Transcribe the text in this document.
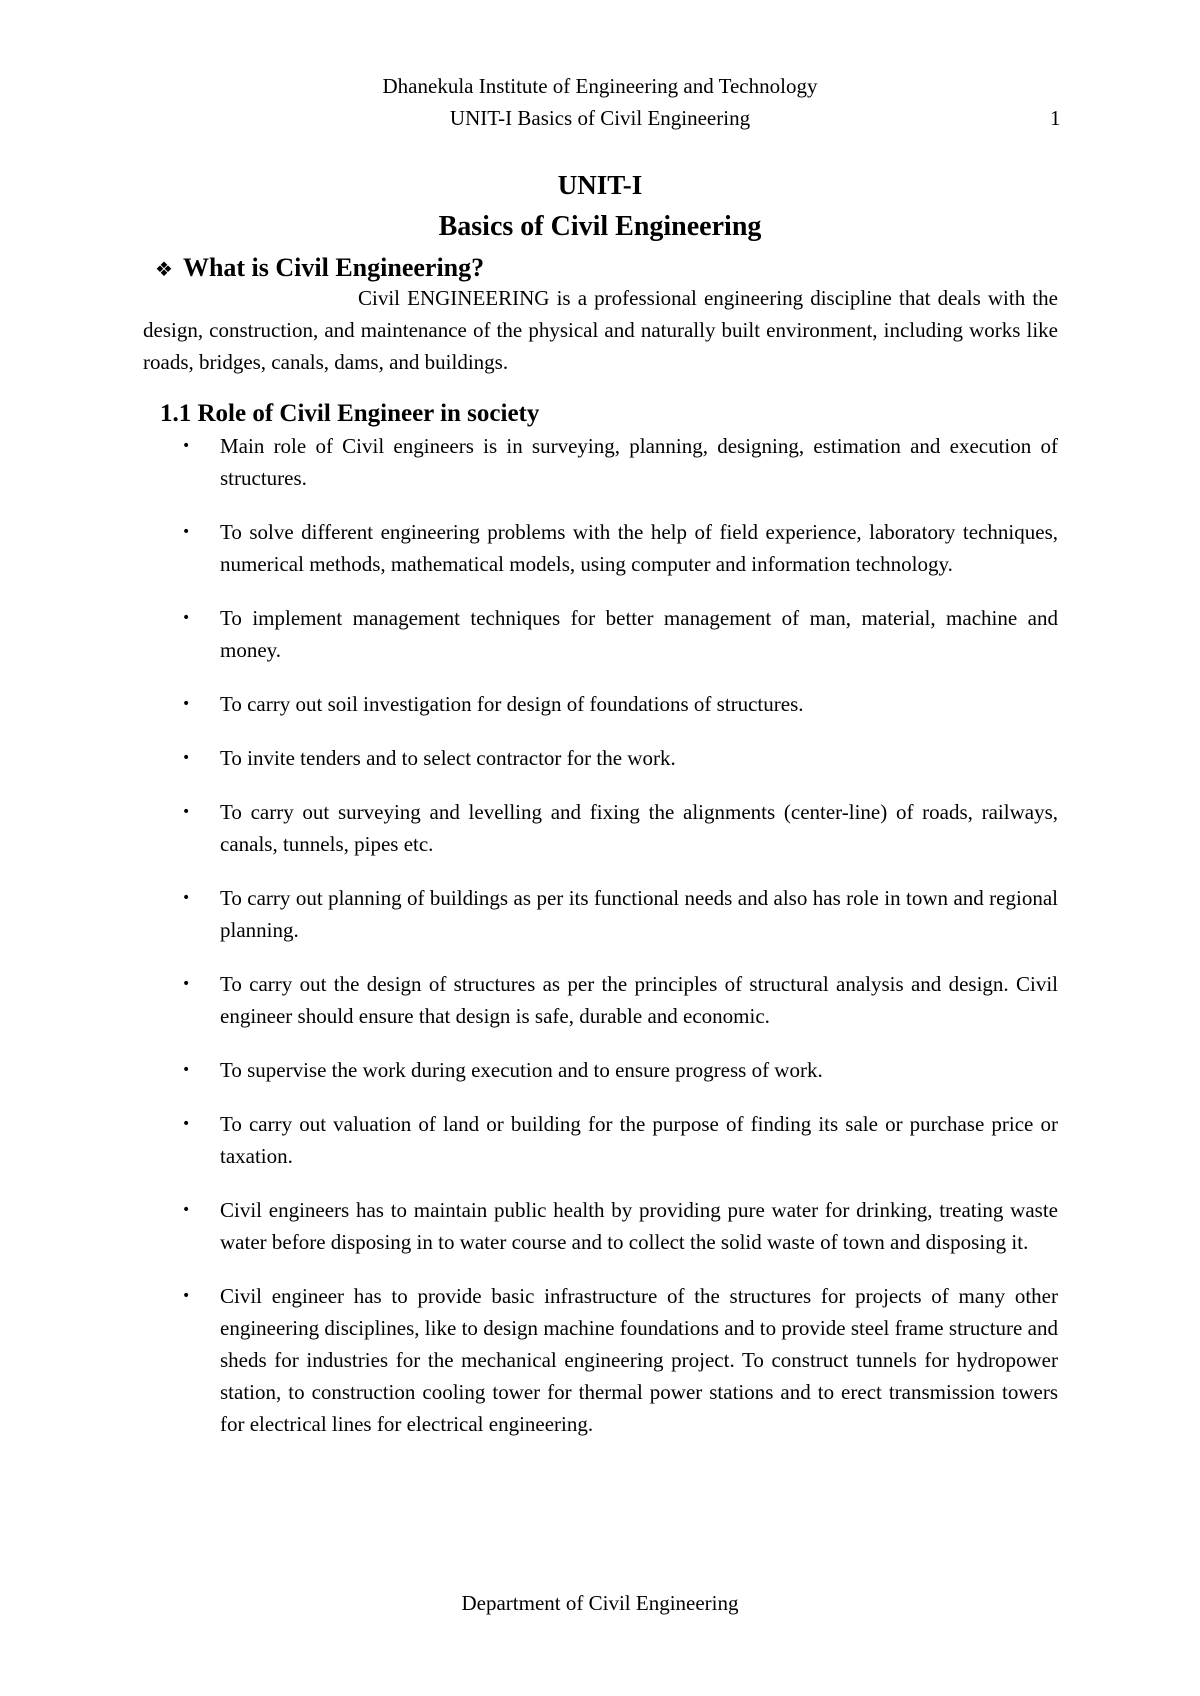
Dhanekula Institute of Engineering and Technology
UNIT-I Basics of Civil Engineering	1
UNIT-I
Basics of Civil Engineering
❖ What is Civil Engineering?

Civil ENGINEERING is a professional engineering discipline that deals with the design, construction, and maintenance of the physical and naturally built environment, including works like roads, bridges, canals, dams, and buildings.

1.1 Role of Civil Engineer in society
• Main role of Civil engineers is in surveying, planning, designing, estimation and execution of structures.
• To solve different engineering problems with the help of field experience, laboratory techniques, numerical methods, mathematical models, using computer and information technology.
• To implement management techniques for better management of man, material, machine and money.
• To carry out soil investigation for design of foundations of structures.
• To invite tenders and to select contractor for the work.
• To carry out surveying and levelling and fixing the alignments (center-line) of roads, railways, canals, tunnels, pipes etc.
• To carry out planning of buildings as per its functional needs and also has role in town and regional planning.
• To carry out the design of structures as per the principles of structural analysis and design. Civil engineer should ensure that design is safe, durable and economic.
• To supervise the work during execution and to ensure progress of work.
• To carry out valuation of land or building for the purpose of finding its sale or purchase price or taxation.
• Civil engineers has to maintain public health by providing pure water for drinking, treating waste water before disposing in to water course and to collect the solid waste of town and disposing it.
• Civil engineer has to provide basic infrastructure of the structures for projects of many other engineering disciplines, like to design machine foundations and to provide steel frame structure and sheds for industries for the mechanical engineering project. To construct tunnels for hydropower station, to construction cooling tower for thermal power stations and to erect transmission towers for electrical lines for electrical engineering.
Department of Civil Engineering
